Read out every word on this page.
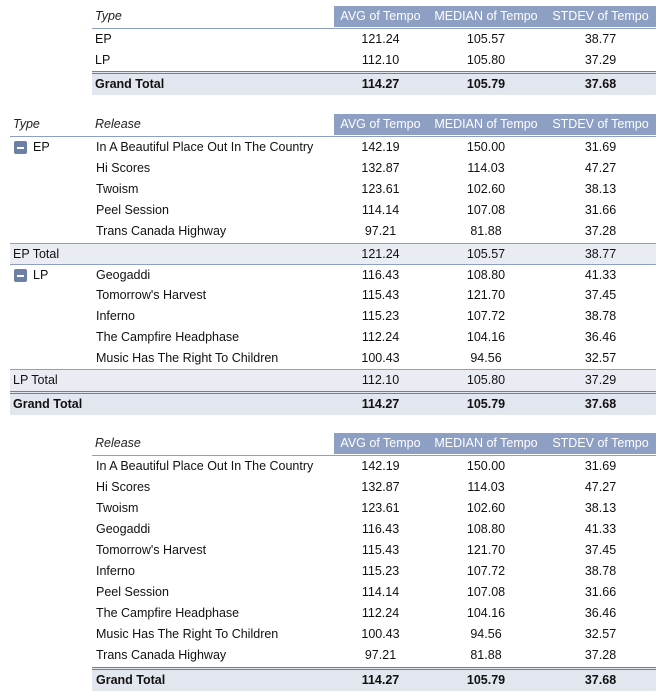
Type	AVG of Tempo	MEDIAN of Tempo	STDEV of Tempo
EP	121.24	105.57	38.77
LP	112.10	105.80	37.29
Grand Total	114.27	105.79	37.68
Type	Release	AVG of Tempo	MEDIAN of Tempo	STDEV of Tempo
EP	In A Beautiful Place Out In The Country	142.19	150.00	31.69
Hi Scores	132.87	114.03	47.27
Twoism	123.61	102.60	38.13
Peel Session	114.14	107.08	31.66
Trans Canada Highway	97.21	81.88	37.28
EP Total	121.24	105.57	38.77
LP	Geogaddi	116.43	108.80	41.33
Tomorrow's Harvest	115.43	121.70	37.45
Inferno	115.23	107.72	38.78
The Campfire Headphase	112.24	104.16	36.46
Music Has The Right To Children	100.43	94.56	32.57
LP Total	112.10	105.80	37.29
Grand Total	114.27	105.79	37.68
Release	AVG of Tempo	MEDIAN of Tempo	STDEV of Tempo
In A Beautiful Place Out In The Country	142.19	150.00	31.69
Hi Scores	132.87	114.03	47.27
Twoism	123.61	102.60	38.13
Geogaddi	116.43	108.80	41.33
Tomorrow's Harvest	115.43	121.70	37.45
Inferno	115.23	107.72	38.78
Peel Session	114.14	107.08	31.66
The Campfire Headphase	112.24	104.16	36.46
Music Has The Right To Children	100.43	94.56	32.57
Trans Canada Highway	97.21	81.88	37.28
Grand Total	114.27	105.79	37.68
